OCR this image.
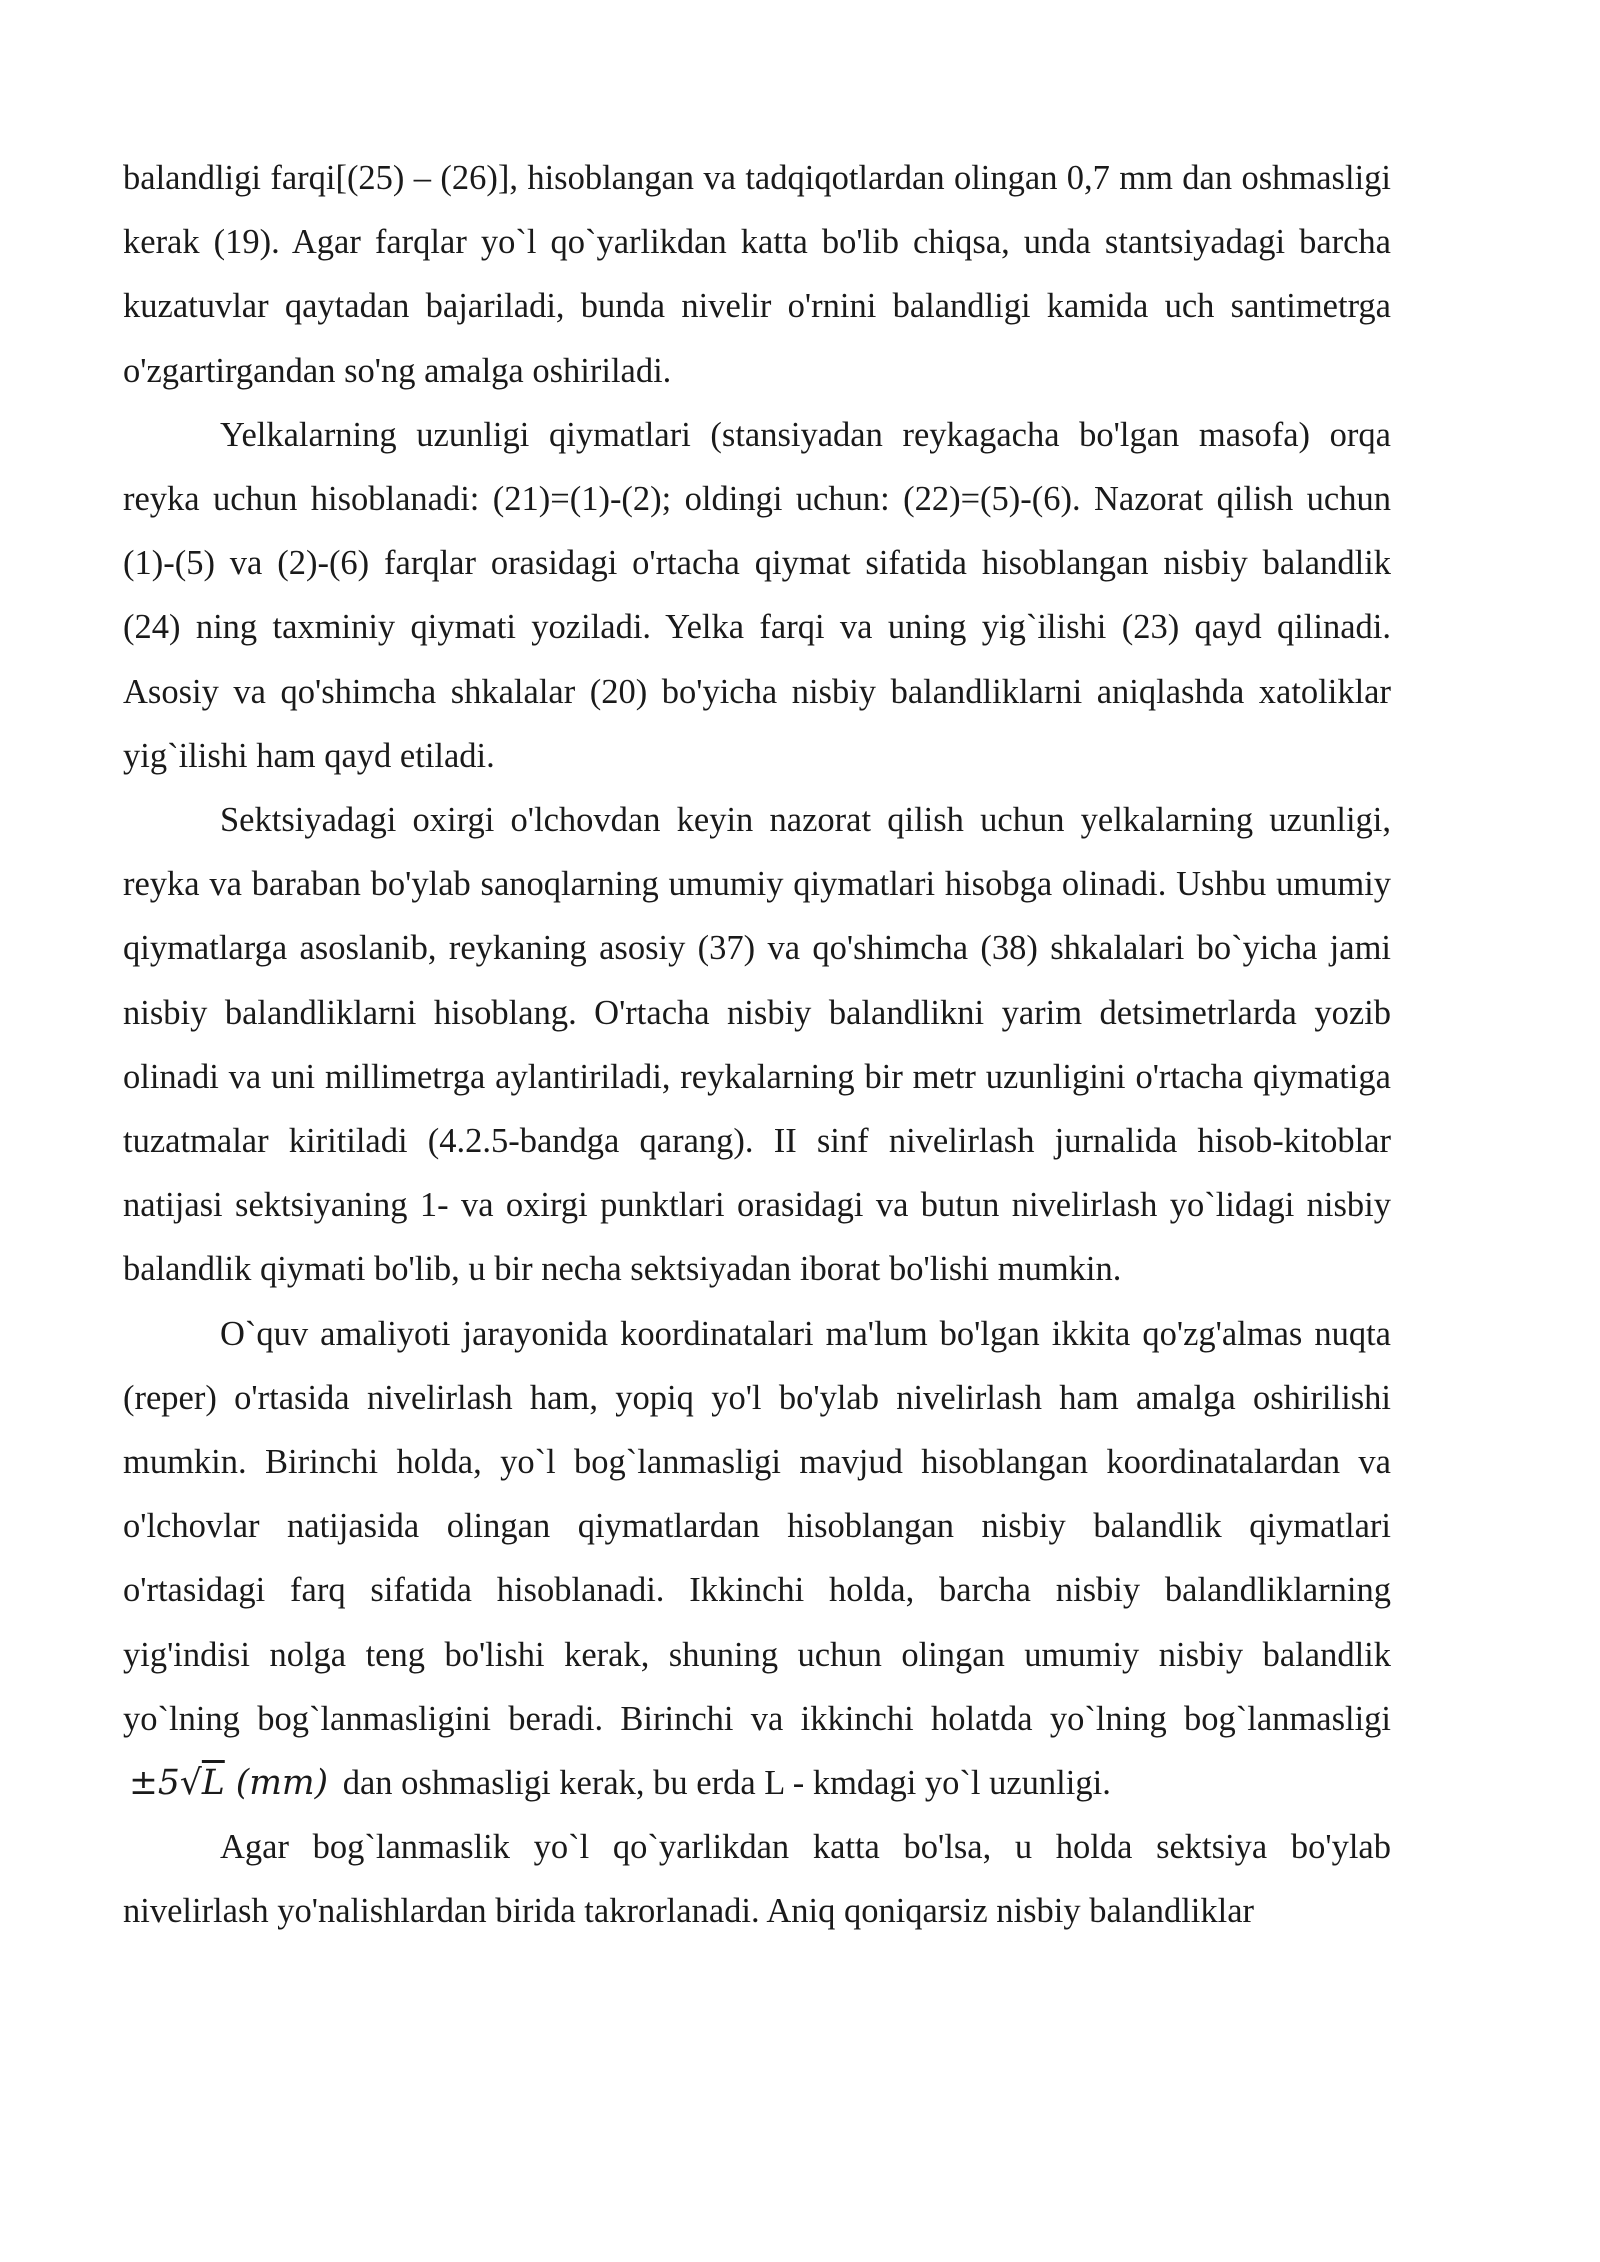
balandligi farqi[(25) – (26)], hisoblangan va tadqiqotlardan olingan 0,7 mm dan oshmasligi kerak (19). Agar farqlar yo`l qo`yarlikdan katta bo'lib chiqsa, unda stantsiyadagi barcha kuzatuvlar qaytadan bajariladi, bunda nivelir o'rnini balandligi kamida uch santimetrga o'zgartirgandan so'ng amalga oshiriladi.

Yelkalarning uzunligi qiymatlari (stansiyadan reykagacha bo'lgan masofa) orqa reyka uchun hisoblanadi: (21)=(1)-(2); oldingi uchun: (22)=(5)-(6). Nazorat qilish uchun (1)-(5) va (2)-(6) farqlar orasidagi o'rtacha qiymat sifatida hisoblangan nisbiy balandlik (24) ning taxminiy qiymati yoziladi. Yelka farqi va uning yig`ilishi (23) qayd qilinadi. Asosiy va qo'shimcha shkalalar (20) bo'yicha nisbiy balandliklarni aniqlashda xatoliklar yig`ilishi ham qayd etiladi.

Sektsiyadagi oxirgi o'lchovdan keyin nazorat qilish uchun yelkalarning uzunligi, reyka va baraban bo'ylab sanoqlarning umumiy qiymatlari hisobga olinadi. Ushbu umumiy qiymatlarga asoslanib, reykaning asosiy (37) va qo'shimcha (38) shkalalari bo`yicha jami nisbiy balandliklarni hisoblang. O'rtacha nisbiy balandlikni yarim detsimetrlarda yozib olinadi va uni millimetrga aylantiriladi, reykalarning bir metr uzunligini o'rtacha qiymatiga tuzatmalar kiritiladi (4.2.5-bandga qarang). II sinf nivelirlash jurnalida hisob-kitoblar natijasi sektsiyaning 1- va oxirgi punktlari orasidagi va butun nivelirlash yo`lidagi nisbiy balandlik qiymati bo'lib, u bir necha sektsiyadan iborat bo'lishi mumkin.

O`quv amaliyoti jarayonida koordinatalari ma'lum bo'lgan ikkita qo'zg'almas nuqta (reper) o'rtasida nivelirlash ham, yopiq yo'l bo'ylab nivelirlash ham amalga oshirilishi mumkin. Birinchi holda, yo`l bog`lanmasligi mavjud hisoblangan koordinatalardan va o'lchovlar natijasida olingan qiymatlardan hisoblangan nisbiy balandlik qiymatlari o'rtasidagi farq sifatida hisoblanadi. Ikkinchi holda, barcha nisbiy balandliklarning yig'indisi nolga teng bo'lishi kerak, shuning uchun olingan umumiy nisbiy balandlik yo`lning bog`lanmasligini beradi. Birinchi va ikkinchi holatda yo`lning bog`lanmasligi ±5√L (mm) dan oshmasligi kerak, bu erda L - kmdagi yo`l uzunligi.

Agar bog`lanmaslik yo`l qo`yarlikdan katta bo'lsa, u holda sektsiya bo'ylab nivelirlash yo'nalishlardan birida takrorlanadi. Aniq qoniqarsiz nisbiy balandliklar
